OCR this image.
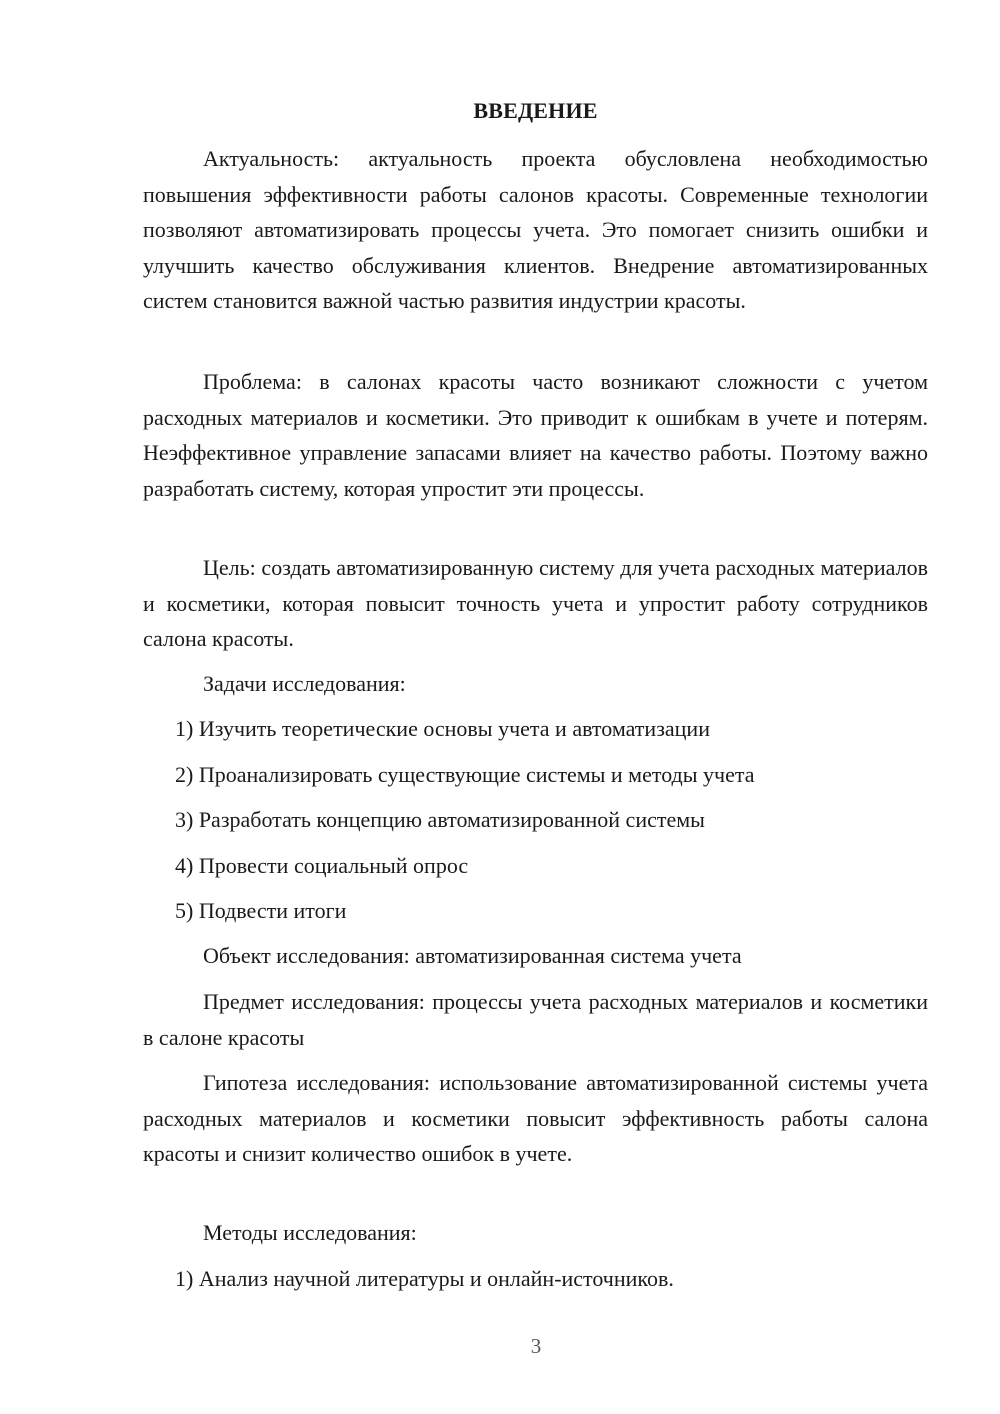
ВВЕДЕНИЕ

Актуальность: актуальность проекта обусловлена необходимостью повышения эффективности работы салонов красоты. Современные технологии позволяют автоматизировать процессы учета. Это помогает снизить ошибки и улучшить качество обслуживания клиентов. Внедрение автоматизированных систем становится важной частью развития индустрии красоты.

Проблема: в салонах красоты часто возникают сложности с учетом расходных материалов и косметики. Это приводит к ошибкам в учете и потерям. Неэффективное управление запасами влияет на качество работы. Поэтому важно разработать систему, которая упростит эти процессы.

Цель: создать автоматизированную систему для учета расходных материалов и косметики, которая повысит точность учета и упростит работу сотрудников салона красоты.

Задачи исследования:

1) Изучить теоретические основы учета и автоматизации

2) Проанализировать существующие системы и методы учета

3) Разработать концепцию автоматизированной системы

4) Провести социальный опрос

5) Подвести итоги

Объект исследования: автоматизированная система учета

Предмет исследования: процессы учета расходных материалов и косметики в салоне красоты

Гипотеза исследования: использование автоматизированной системы учета расходных материалов и косметики повысит эффективность работы салона красоты и снизит количество ошибок в учете.

Методы исследования:

1) Анализ научной литературы и онлайн-источников.

3
